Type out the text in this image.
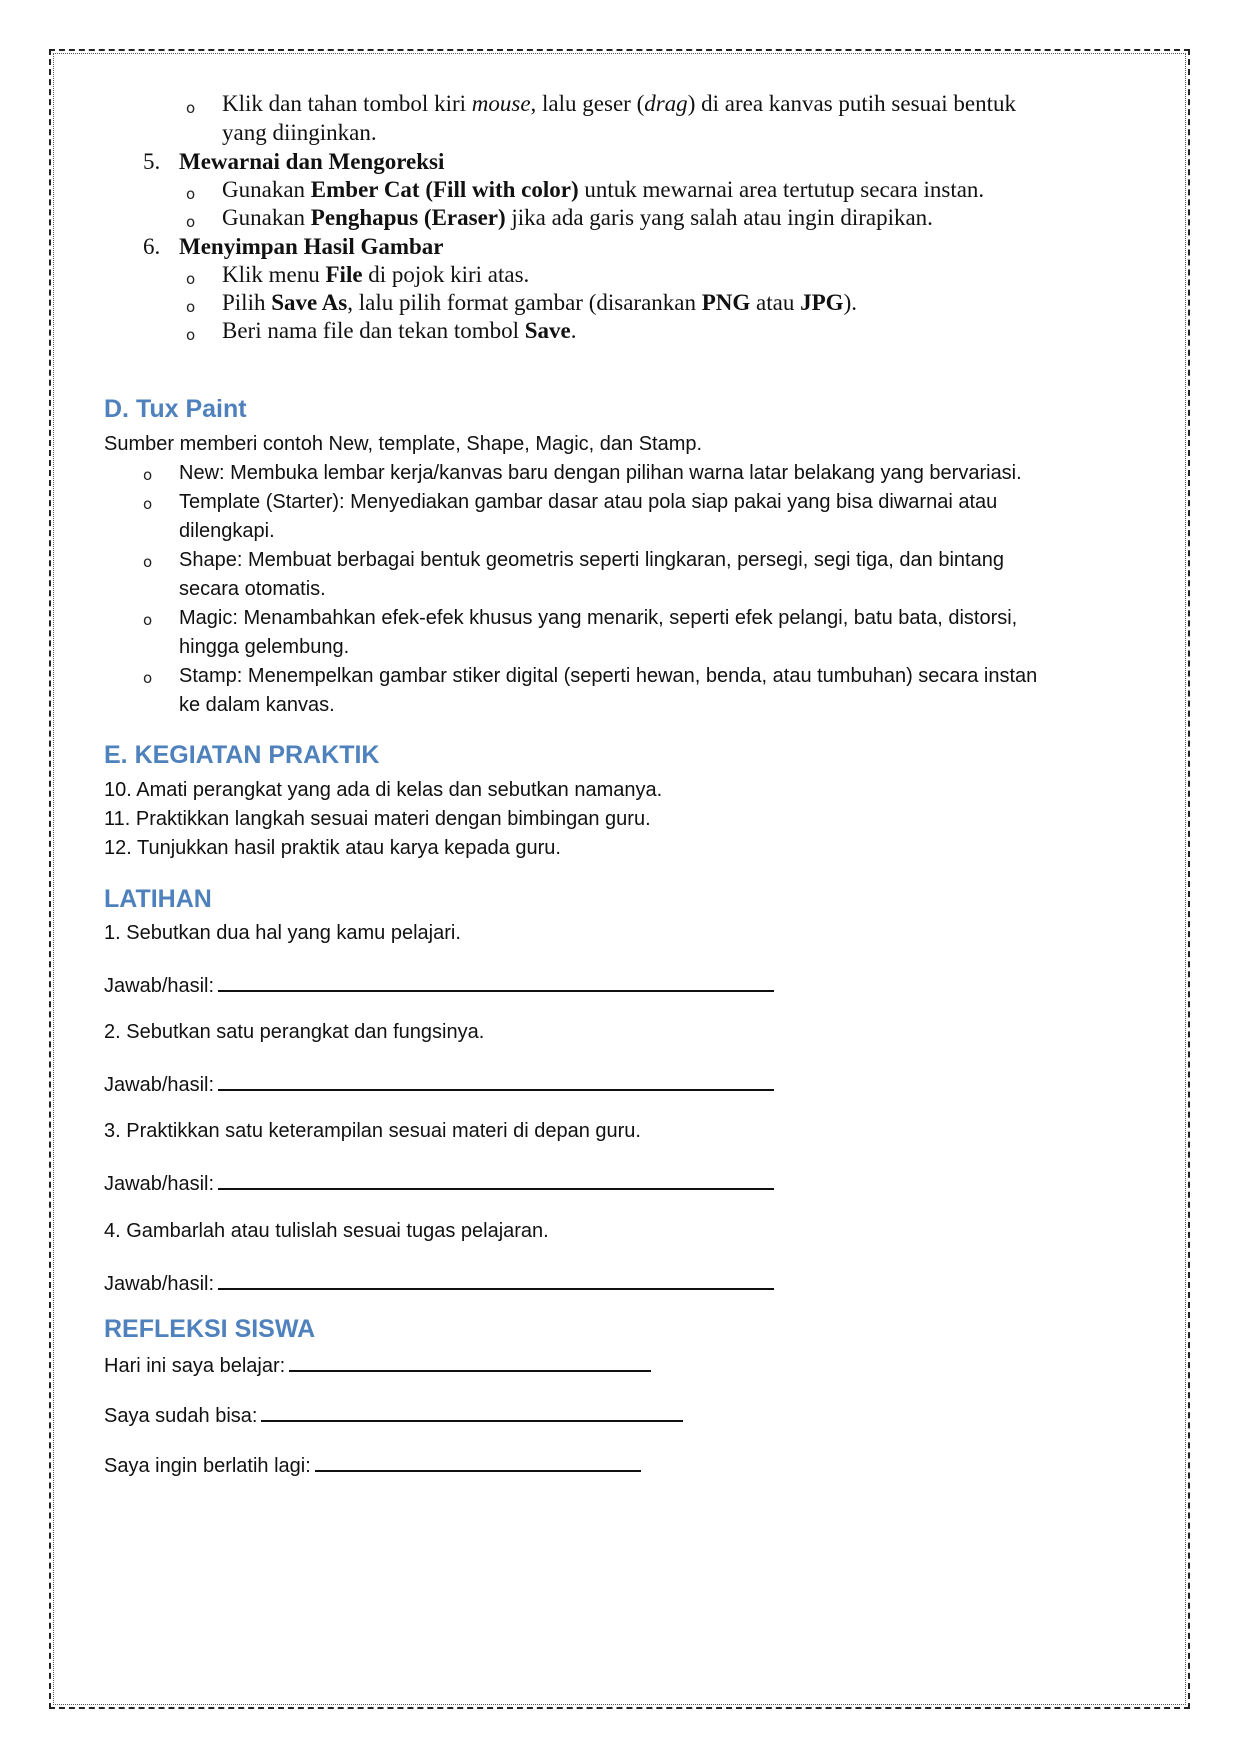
o Klik dan tahan tombol kiri mouse, lalu geser (drag) di area kanvas putih sesuai bentuk
yang diinginkan.
5. Mewarnai dan Mengoreksi
o Gunakan Ember Cat (Fill with color) untuk mewarnai area tertutup secara instan.
o Gunakan Penghapus (Eraser) jika ada garis yang salah atau ingin dirapikan.
6. Menyimpan Hasil Gambar
o Klik menu File di pojok kiri atas.
o Pilih Save As, lalu pilih format gambar (disarankan PNG atau JPG).
o Beri nama file dan tekan tombol Save.
D. Tux Paint
Sumber memberi contoh New, template, Shape, Magic, dan Stamp.
o New: Membuka lembar kerja/kanvas baru dengan pilihan warna latar belakang yang bervariasi.
o Template (Starter): Menyediakan gambar dasar atau pola siap pakai yang bisa diwarnai atau
dilengkapi.
o Shape: Membuat berbagai bentuk geometris seperti lingkaran, persegi, segi tiga, dan bintang
secara otomatis.
o Magic: Menambahkan efek-efek khusus yang menarik, seperti efek pelangi, batu bata, distorsi,
hingga gelembung.
o Stamp: Menempelkan gambar stiker digital (seperti hewan, benda, atau tumbuhan) secara instan
ke dalam kanvas.
E. KEGIATAN PRAKTIK
10. Amati perangkat yang ada di kelas dan sebutkan namanya.
11. Praktikkan langkah sesuai materi dengan bimbingan guru.
12. Tunjukkan hasil praktik atau karya kepada guru.
LATIHAN
1. Sebutkan dua hal yang kamu pelajari.
Jawab/hasil:
2. Sebutkan satu perangkat dan fungsinya.
Jawab/hasil:
3. Praktikkan satu keterampilan sesuai materi di depan guru.
Jawab/hasil:
4. Gambarlah atau tulislah sesuai tugas pelajaran.
Jawab/hasil:
REFLEKSI SISWA
Hari ini saya belajar:
Saya sudah bisa:
Saya ingin berlatih lagi:
